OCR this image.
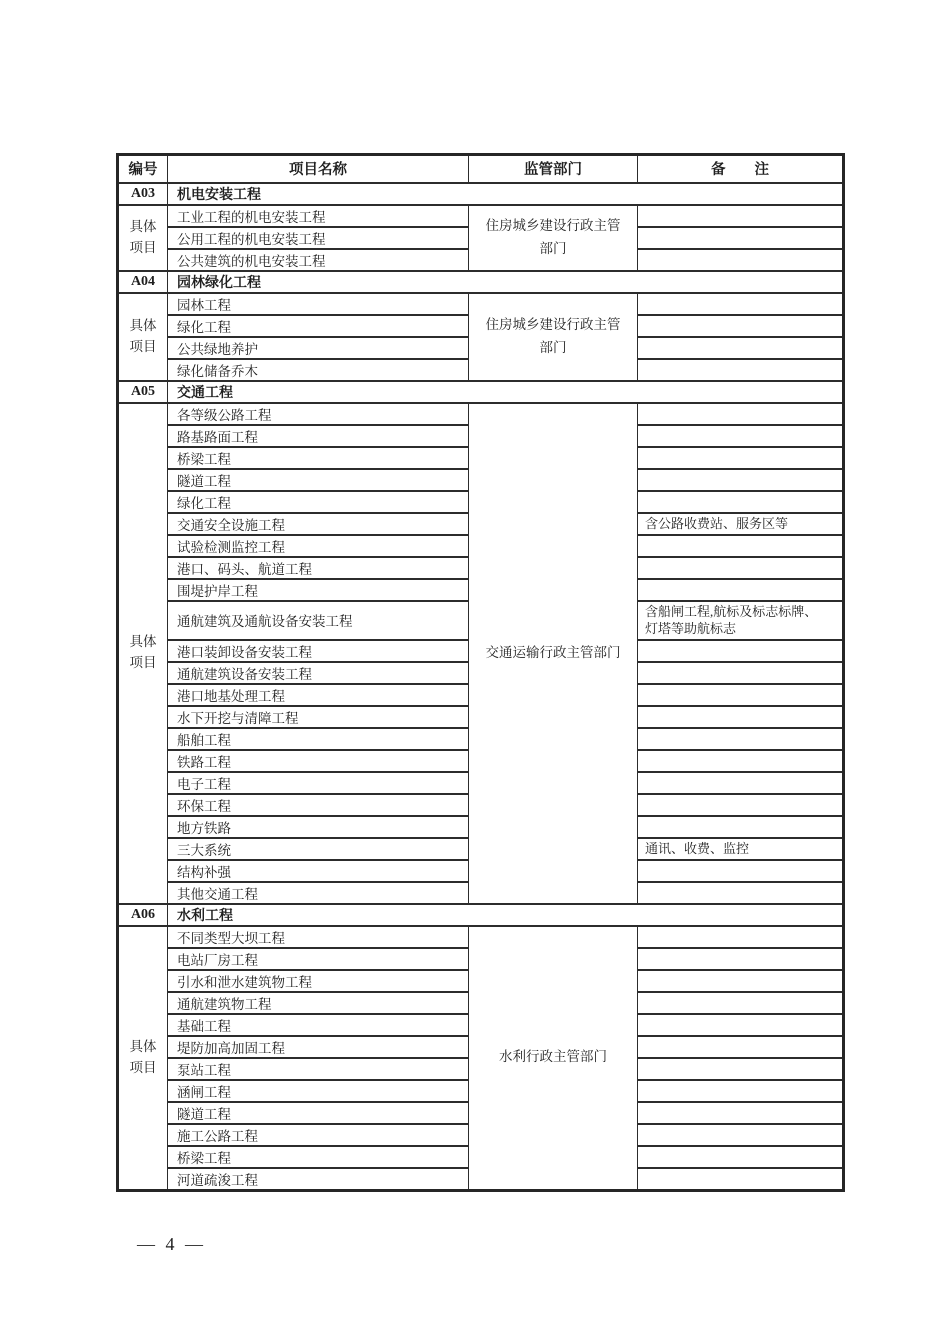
编号	项目名称	监管部门	备　　注
A03	机电安装工程		
具体项目	工业工程的机电安装工程	住房城乡建设行政主管部门	
	公用工程的机电安装工程		
	公共建筑的机电安装工程		
A04	园林绿化工程		
具体项目	园林工程	住房城乡建设行政主管部门	
	绿化工程		
	公共绿地养护		
	绿化储备乔木		
A05	交通工程		
具体项目	各等级公路工程	交通运输行政主管部门	
	路基路面工程		
	桥梁工程		
	隧道工程		
	绿化工程		
	交通安全设施工程		含公路收费站、服务区等
	试验检测监控工程		
	港口、码头、航道工程		
	围堤护岸工程		
	通航建筑及通航设备安装工程		含船闸工程,航标及标志标牌、灯塔等助航标志
	港口装卸设备安装工程		
	通航建筑设备安装工程		
	港口地基处理工程		
	水下开挖与清障工程		
	船舶工程		
	铁路工程		
	电子工程		
	环保工程		
	地方铁路		
	三大系统		通讯、收费、监控
	结构补强		
	其他交通工程		
A06	水利工程		
具体项目	不同类型大坝工程	水利行政主管部门	
	电站厂房工程		
	引水和泄水建筑物工程		
	通航建筑物工程		
	基础工程		
	堤防加高加固工程		
	泵站工程		
	涵闸工程		
	隧道工程		
	施工公路工程		
	桥梁工程		
	河道疏浚工程		
— 4 —
